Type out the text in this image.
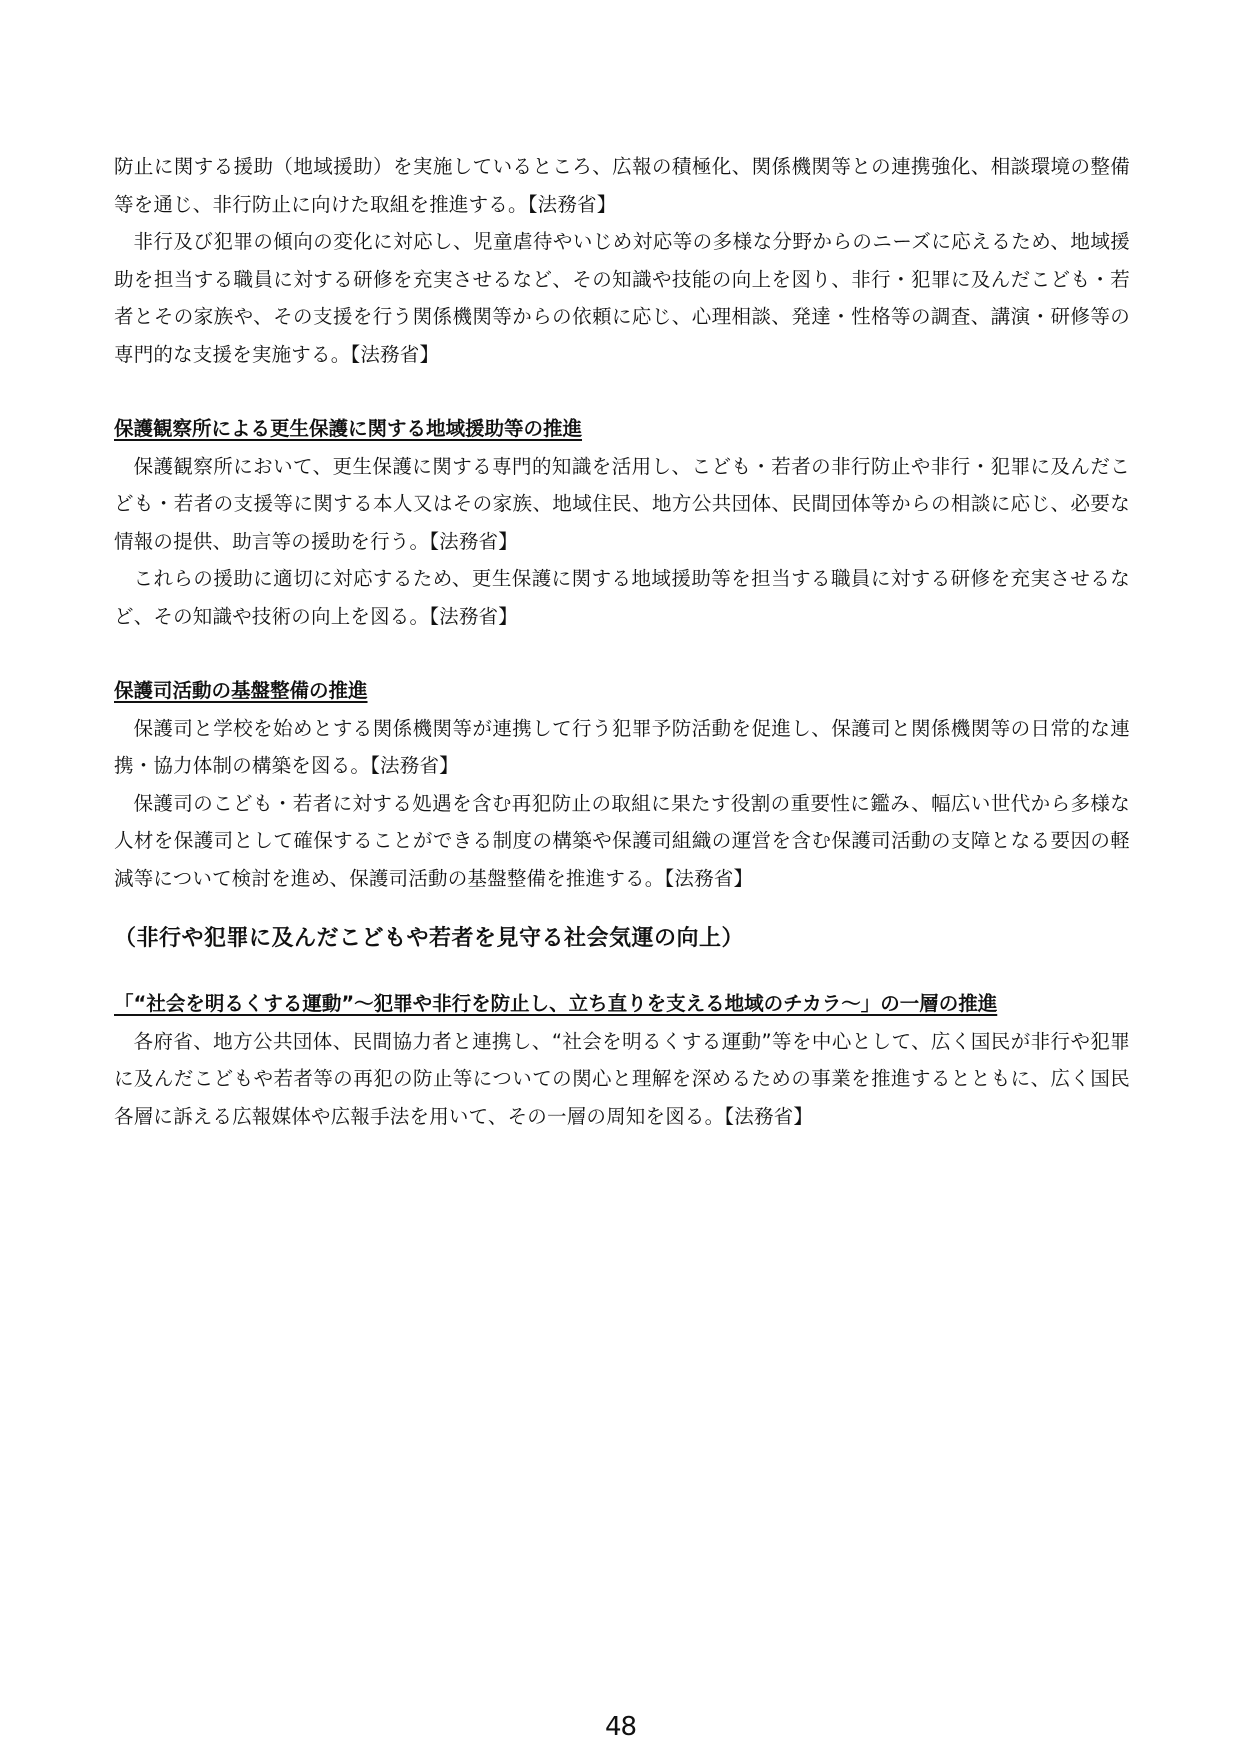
防止に関する援助（地域援助）を実施しているところ、広報の積極化、関係機関等との連携強化、相談環境の整備等を通じ、非行防止に向けた取組を推進する。【法務省】

非行及び犯罪の傾向の変化に対応し、児童虐待やいじめ対応等の多様な分野からのニーズに応えるため、地域援助を担当する職員に対する研修を充実させるなど、その知識や技能の向上を図り、非行・犯罪に及んだこども・若者とその家族や、その支援を行う関係機関等からの依頼に応じ、心理相談、発達・性格等の調査、講演・研修等の専門的な支援を実施する。【法務省】

保護観察所による更生保護に関する地域援助等の推進

保護観察所において、更生保護に関する専門的知識を活用し、こども・若者の非行防止や非行・犯罪に及んだこども・若者の支援等に関する本人又はその家族、地域住民、地方公共団体、民間団体等からの相談に応じ、必要な情報の提供、助言等の援助を行う。【法務省】

これらの援助に適切に対応するため、更生保護に関する地域援助等を担当する職員に対する研修を充実させるなど、その知識や技術の向上を図る。【法務省】

保護司活動の基盤整備の推進

保護司と学校を始めとする関係機関等が連携して行う犯罪予防活動を促進し、保護司と関係機関等の日常的な連携・協力体制の構築を図る。【法務省】

保護司のこども・若者に対する処遇を含む再犯防止の取組に果たす役割の重要性に鑑み、幅広い世代から多様な人材を保護司として確保することができる制度の構築や保護司組織の運営を含む保護司活動の支障となる要因の軽減等について検討を進め、保護司活動の基盤整備を推進する。【法務省】

（非行や犯罪に及んだこどもや若者を見守る社会気運の向上）

「“社会を明るくする運動”～犯罪や非行を防止し、立ち直りを支える地域のチカラ～」の一層の推進

各府省、地方公共団体、民間協力者と連携し、“社会を明るくする運動”等を中心として、広く国民が非行や犯罪に及んだこどもや若者等の再犯の防止等についての関心と理解を深めるための事業を推進するとともに、広く国民各層に訴える広報媒体や広報手法を用いて、その一層の周知を図る。【法務省】

48
